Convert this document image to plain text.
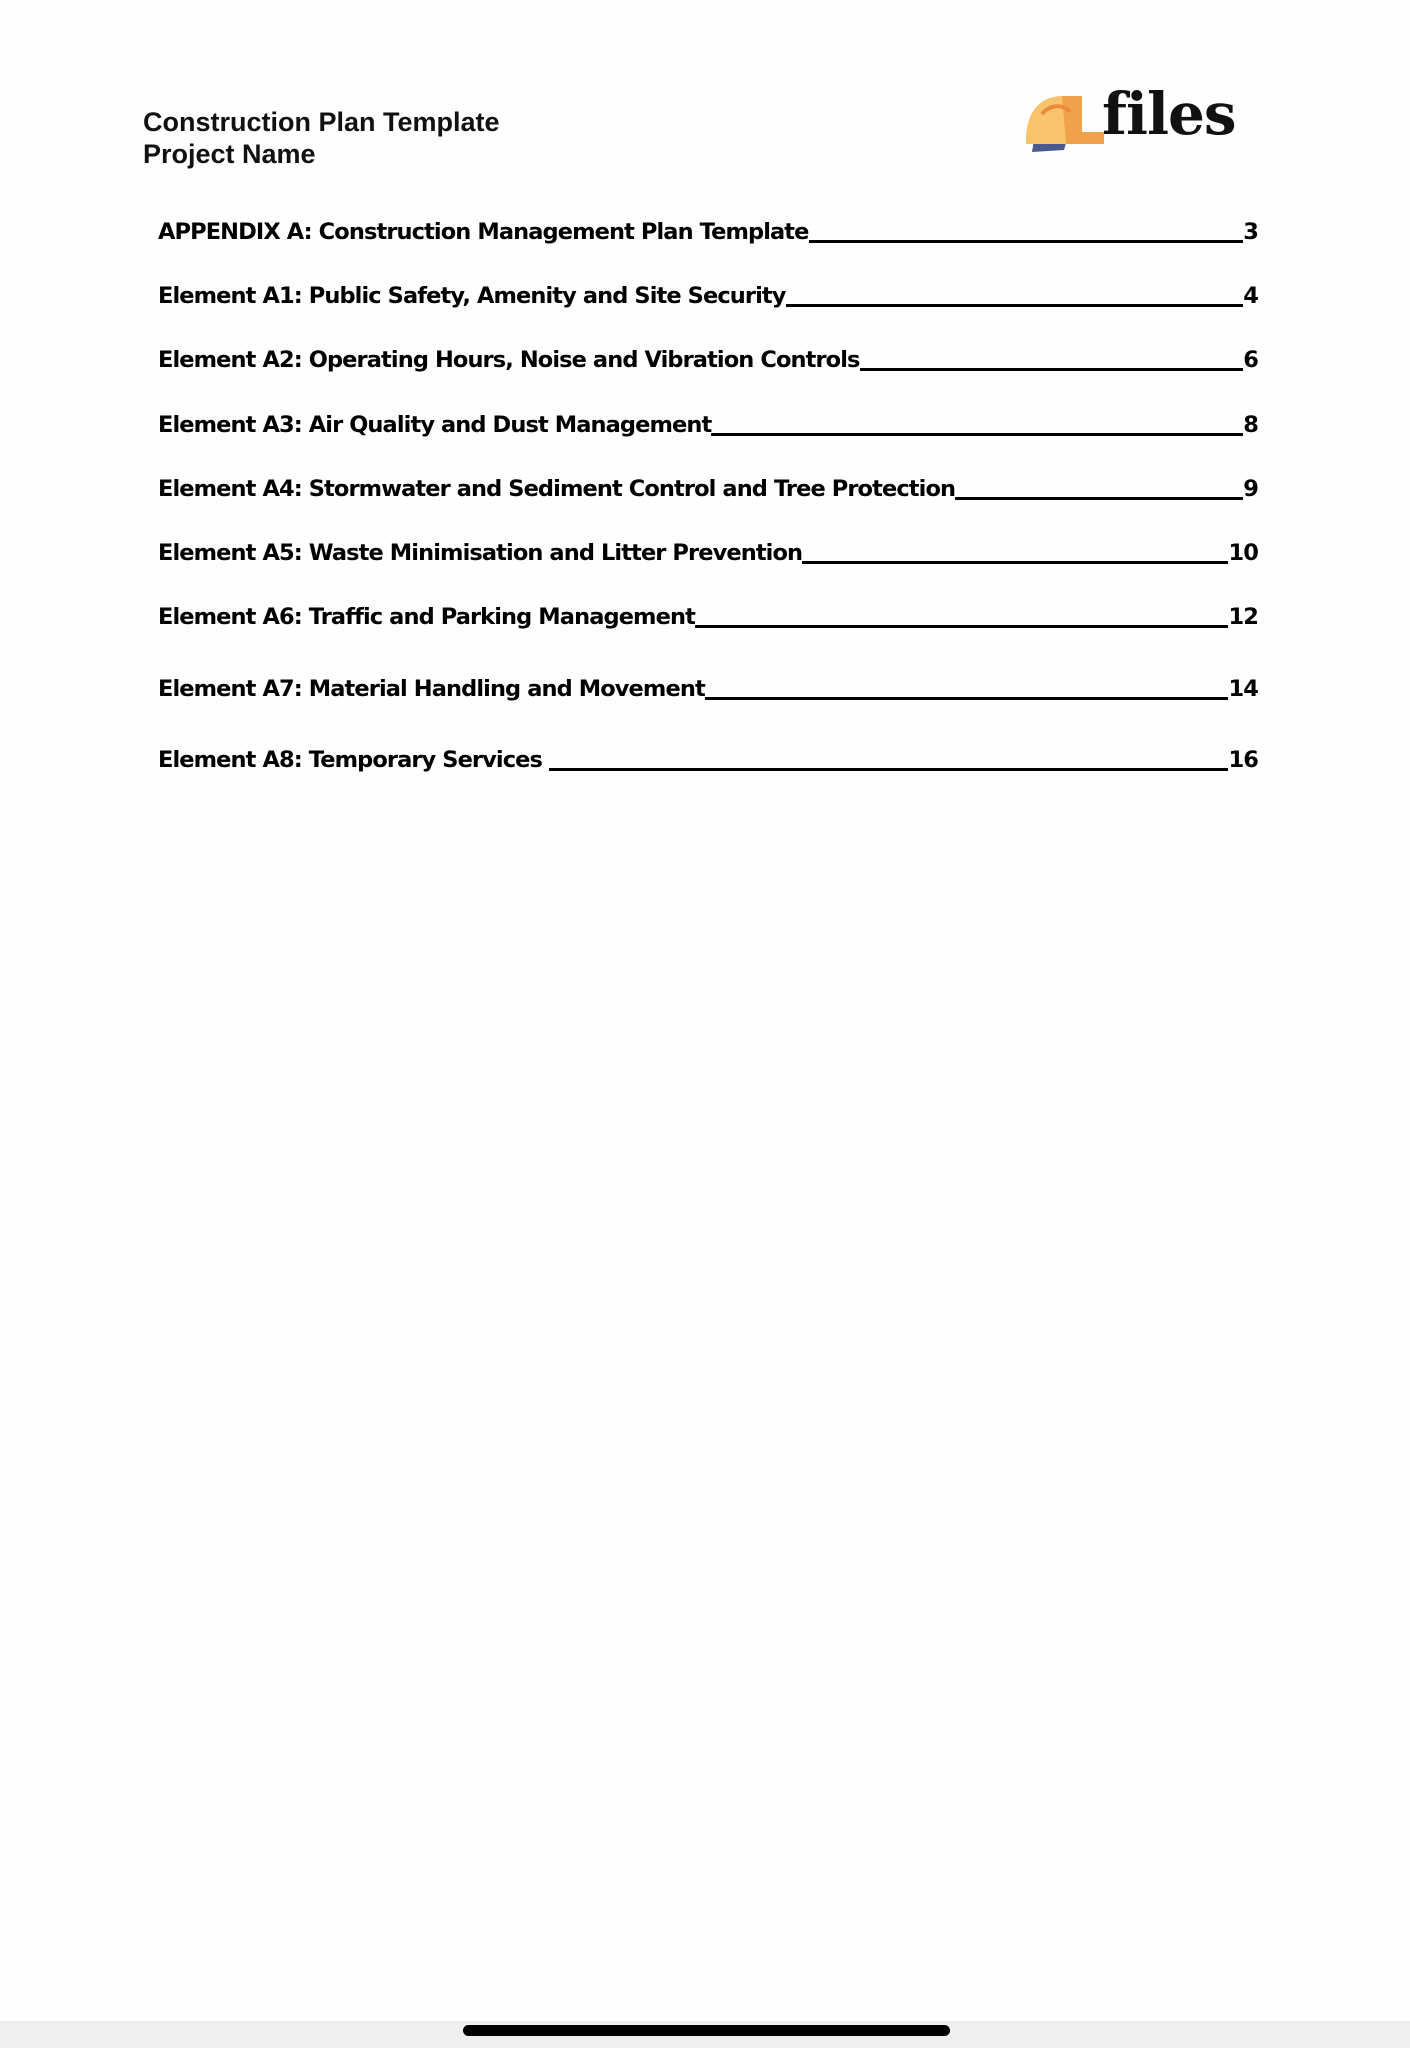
Construction Plan Template
Project Name
files
APPENDIX A: Construction Management Plan Template	3
Element A1: Public Safety, Amenity and Site Security	4
Element A2: Operating Hours, Noise and Vibration Controls	6
Element A3: Air Quality and Dust Management	8
Element A4: Stormwater and Sediment Control and Tree Protection	9
Element A5: Waste Minimisation and Litter Prevention	10
Element A6: Traffic and Parking Management	12
Element A7: Material Handling and Movement	14
Element A8: Temporary Services	16
